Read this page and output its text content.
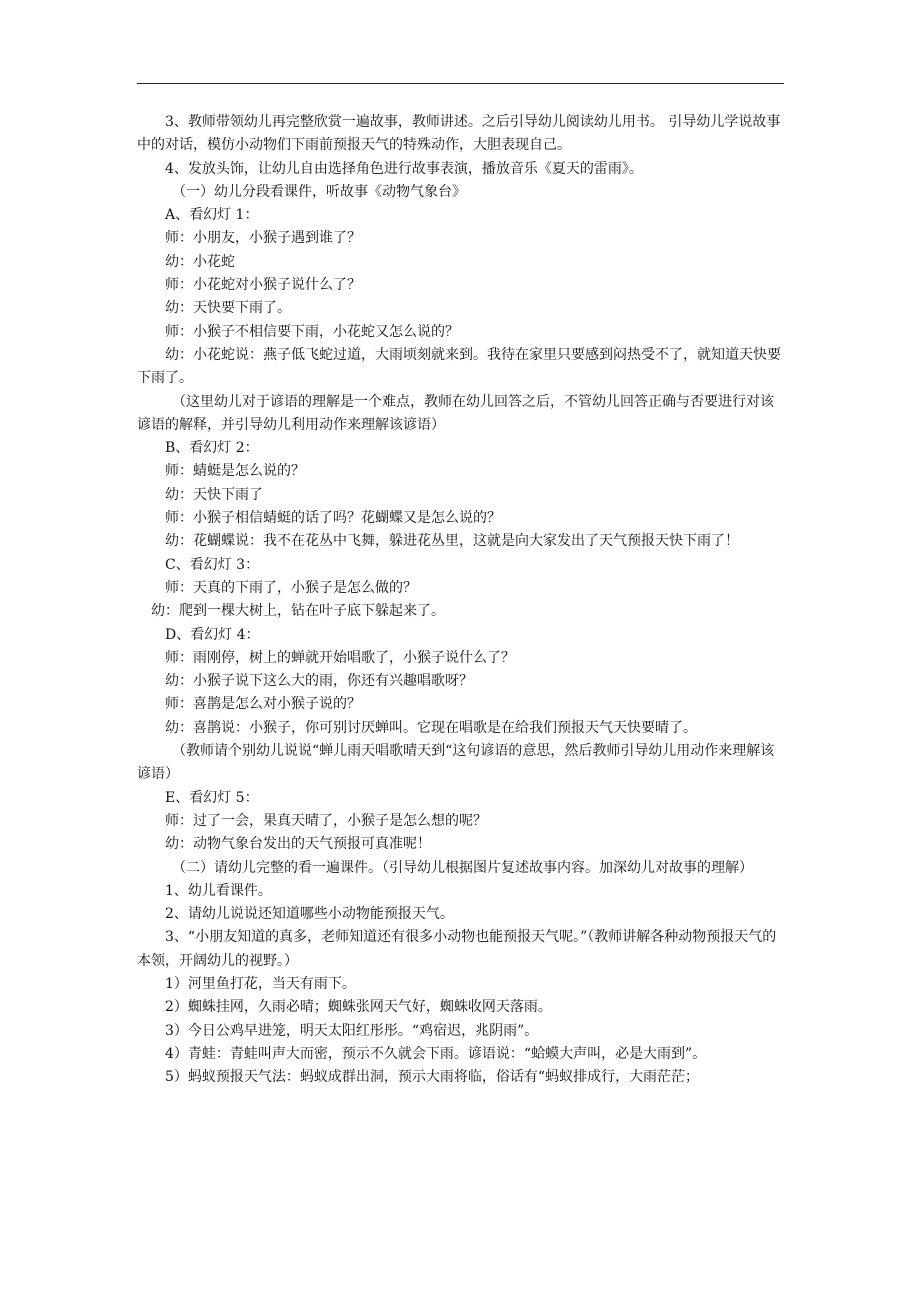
3、教师带领幼儿再完整欣赏一遍故事，教师讲述。之后引导幼儿阅读幼儿用书。 引导幼儿学说故事中的对话，模仿小动物们下雨前预报天气的特殊动作，大胆表现自己。

4、发放头饰，让幼儿自由选择角色进行故事表演，播放音乐《夏天的雷雨》。

（一）幼儿分段看课件，听故事《动物气象台》

A、看幻灯 1：

师：小朋友，小猴子遇到谁了？

幼：小花蛇

师：小花蛇对小猴子说什么了？

幼：天快要下雨了。

师：小猴子不相信要下雨，小花蛇又怎么说的？

幼：小花蛇说：燕子低飞蛇过道，大雨顷刻就来到。我待在家里只要感到闷热受不了，就知道天快要下雨了。

（这里幼儿对于谚语的理解是一个难点，教师在幼儿回答之后，不管幼儿回答正确与否要进行对该谚语的解释，并引导幼儿利用动作来理解该谚语）

B、看幻灯 2：

师：蜻蜓是怎么说的？

幼：天快下雨了

师：小猴子相信蜻蜓的话了吗？花蝴蝶又是怎么说的？

幼：花蝴蝶说：我不在花丛中飞舞，躲进花丛里，这就是向大家发出了天气预报天快下雨了！

C、看幻灯 3：

师：天真的下雨了，小猴子是怎么做的？

幼：爬到一棵大树上，钻在叶子底下躲起来了。

D、看幻灯 4：

师：雨刚停，树上的蝉就开始唱歌了，小猴子说什么了？

幼：小猴子说下这么大的雨，你还有兴趣唱歌呀？

师：喜鹊是怎么对小猴子说的？

幼：喜鹊说：小猴子，你可别讨厌蝉叫。它现在唱歌是在给我们预报天气天快要晴了。

（教师请个别幼儿说说“蝉儿雨天唱歌晴天到“这句谚语的意思，然后教师引导幼儿用动作来理解该谚语）

E、看幻灯 5：

师：过了一会，果真天晴了，小猴子是怎么想的呢？

幼：动物气象台发出的天气预报可真准呢！

（二）请幼儿完整的看一遍课件。（引导幼儿根据图片复述故事内容。加深幼儿对故事的理解）

1、幼儿看课件。

2、请幼儿说说还知道哪些小动物能预报天气。

3、“小朋友知道的真多，老师知道还有很多小动物也能预报天气呢。”（教师讲解各种动物预报天气的本领，开阔幼儿的视野。）

1）河里鱼打花，当天有雨下。

2）蜘蛛挂网，久雨必晴；蜘蛛张网天气好，蜘蛛收网天落雨。

3）今日公鸡早进笼，明天太阳红彤彤。“鸡宿迟，兆阴雨”。

4）青蛙：青蛙叫声大而密，预示不久就会下雨。谚语说：“蛤蟆大声叫，必是大雨到”。

5）蚂蚁预报天气法：蚂蚁成群出洞，预示大雨将临，俗话有“蚂蚁排成行，大雨茫茫；
